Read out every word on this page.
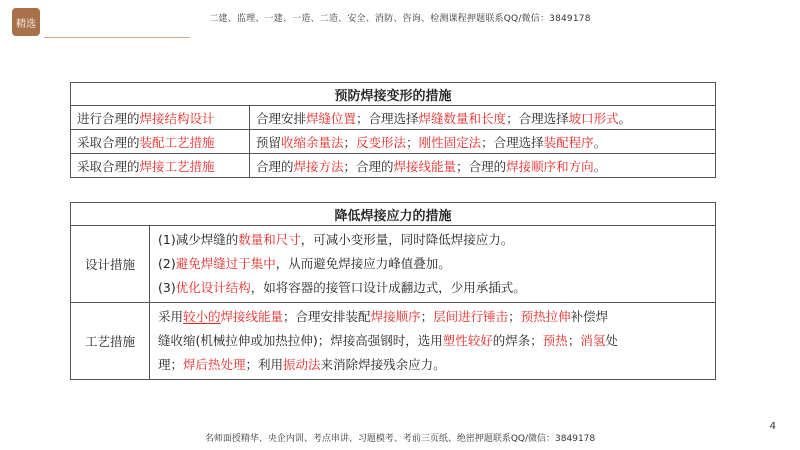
精选	二建、监理、一建、一造、二造、安全、消防、咨询、检测课程押题联系QQ/微信：3849178
预防焊接变形的措施	
进行合理的焊接结构设计	合理安排焊缝位置；合理选择焊缝数量和长度；合理选择坡口形式。
采取合理的装配工艺措施	预留收缩余量法；反变形法；刚性固定法；合理选择装配程序。
采取合理的焊接工艺措施	合理的焊接方法；合理的焊接线能量；合理的焊接顺序和方向。
降低焊接应力的措施	
设计措施	(1)减少焊缝的数量和尺寸，可减小变形量，同时降低焊接应力。
(2)避免焊缝过于集中，从而避免焊接应力峰值叠加。
(3)优化设计结构，如将容器的接管口设计成翻边式，少用承插式。

工艺措施	采用较小的焊接线能量；合理安排装配焊接顺序；层间进行锤击；预热拉伸补偿焊
缝收缩(机械拉伸或加热拉伸)；焊接高强钢时，选用塑性较好的焊条；预热；消氢处
理；焊后热处理；利用振动法来消除焊接残余应力。
4
名师面授精华、央企内训、考点串讲、习题模考、考前三页纸、绝密押题联系QQ/微信：3849178
